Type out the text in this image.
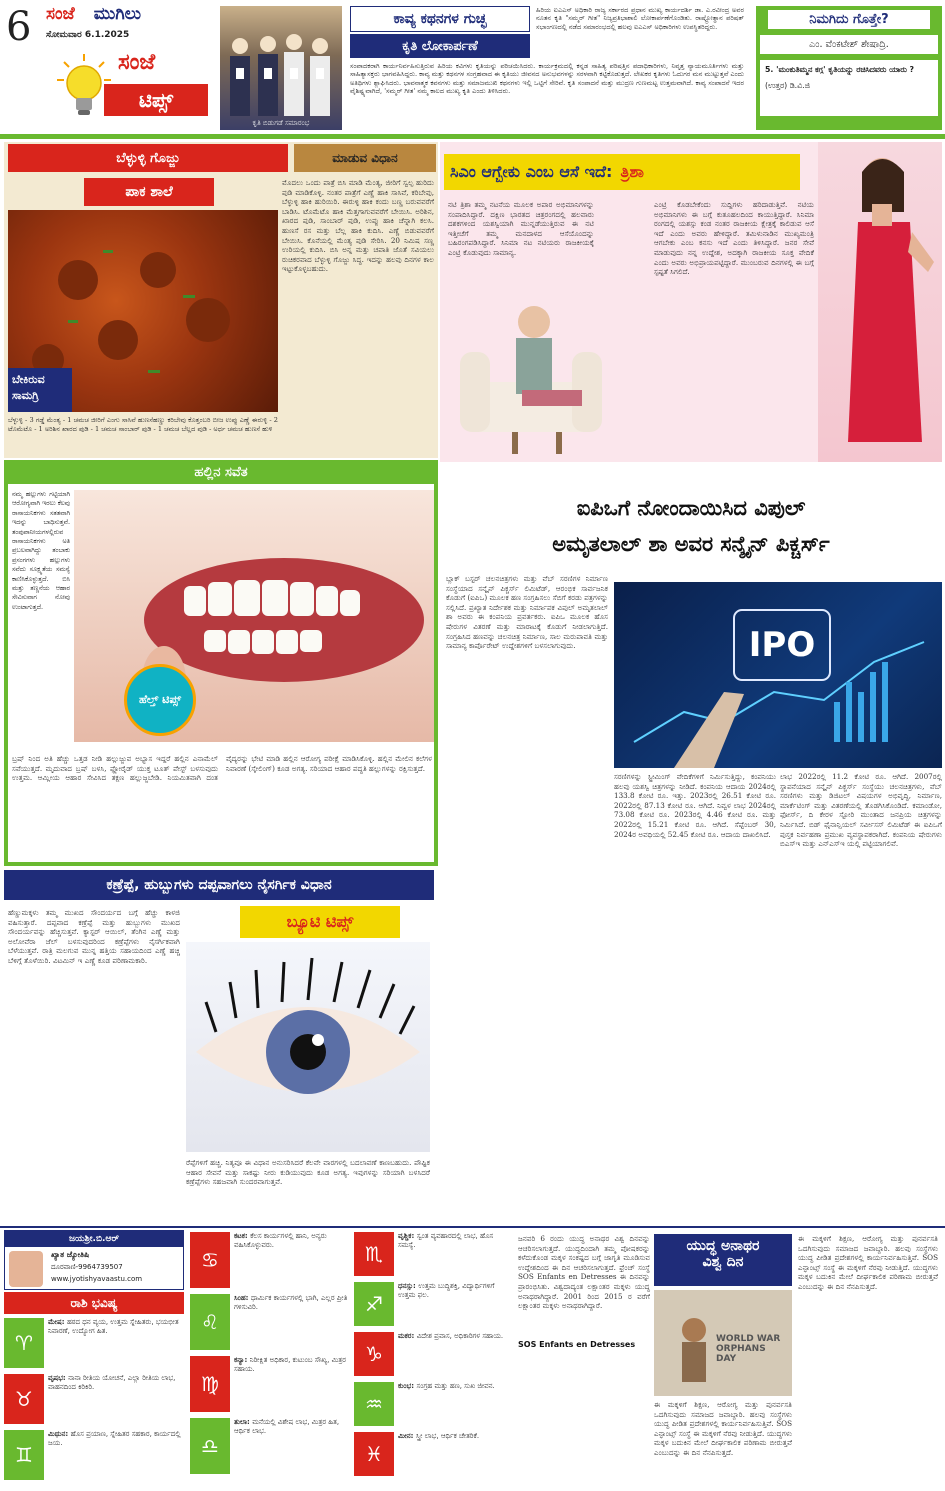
6 ಸಂಜೆ ಮುಗಿಲು
ಸೋಮವಾರ 6.1.2025
ಸಂಜೆ
ಟಿಪ್ಸ್
ಕೃತಿ ಬಿಡುಗಡೆ ಸಮಾರಂಭ
ಕಾವ್ಯ ಕಥನಗಳ ಗುಚ್ಛ
ಕೃತಿ ಲೋಕಾರ್ಪಣೆ
ಹಿರಿಯ ಐಎಎಸ್ ಅಧಿಕಾರಿ ರಾಜ್ಯ ಸರ್ಕಾರದ ಪ್ರಧಾನ ಮುಖ್ಯ ಕಾರ್ಯದರ್ಶಿ ಡಾ. ಎ.ರವೀಂದ್ರ ಅವರ ನೂತನ ಕೃತಿ "ಸಮ್ಮರ್ ಗೀತ" ನಿಜ್ಯಪ್ರತಿಭಾಶಾಲಿ ಲೋಕಾರ್ಪಣೆಗೊಂಡಿತು. ರಾಷ್ಟ್ರೋತ್ಥಾನ ಪರಿಷತ್ ಸಭಾಂಗಣದಲ್ಲಿ ನಡೆದ ಸಮಾರಂಭದಲ್ಲಿ ಹಲವು ಐಎಎಸ್ ಅಧಿಕಾರಿಗಳು ಉಪಸ್ಥಿತರಿದ್ದರು.
ಸಂಪಾದಕರಾಗಿ ಕಾರ್ಯನಿರ್ವಹಿಸುತ್ತಿರುವ ಹಿರಿಯ ಕವಿಗಳು ಕೃತಿಯನ್ನು ಪರಿಚಯಿಸಿದರು. ಕಾರ್ಯಕ್ರಮದಲ್ಲಿ ಕನ್ನಡ ಸಾಹಿತ್ಯ ಪರಿಷತ್ತಿನ ಪದಾಧಿಕಾರಿಗಳು, ನಿವೃತ್ತ ನ್ಯಾಯಮೂರ್ತಿಗಳು ಮತ್ತು ಸಾಹಿತ್ಯಾಸಕ್ತರು ಭಾಗವಹಿಸಿದ್ದರು. ಕಾವ್ಯ ಮತ್ತು ಕಥನಗಳ ಸಂಗ್ರಹವಾದ ಈ ಕೃತಿಯು ಜೀವನದ ಅನುಭವಗಳನ್ನು ಸರಳವಾಗಿ ಕಟ್ಟಿಕೊಡುತ್ತದೆ. ಲೇಖಕರ ಕೃತಿಗಳು ಓದುಗರ ಮನ ಮುಟ್ಟುತ್ತವೆ ಎಂದು ಅತಿಥಿಗಳು ಶ್ಲಾಘಿಸಿದರು. ಭಾವನಾತ್ಮಕ ಕವನಗಳು ಮತ್ತು ಸಮಾಜಮುಖಿ ಕಥನಗಳು ಇಲ್ಲಿ ಒಟ್ಟಿಗೆ ಸೇರಿವೆ. ಕೃತಿ ಸಂಪಾದನೆ ಮತ್ತು ಮುದ್ರಣ ಗುಣಮಟ್ಟ ಉತ್ತಮವಾಗಿದೆ. ಕಾವ್ಯ ಸಂಪಾದನೆ ಇದರ ವೈಶಿಷ್ಟ್ಯವಾಗಿದೆ, 'ಸಮ್ಮರ್ ಗೀತ' ನಮ್ಮ ಕಾಲದ ಮುಖ್ಯ ಕೃತಿ ಎಂದು ತಿಳಿಸಿದರು.
ನಿಮಗಿದು ಗೊತ್ತೇ?
ಎಂ. ವೆಂಕಟೇಶ್ ಶೇಷಾದ್ರಿ.
5. 'ಮಂಕುತಿಮ್ಮನ ಕಗ್ಗ' ಕೃತಿಯನ್ನು ರಚಿಸಿದವರು ಯಾರು ?
(ಉತ್ತರ) ಡಿ.ವಿ.ಜಿ
ಬೆಳ್ಳುಳ್ಳಿ ಗೊಜ್ಜು	ಮಾಡುವ ವಿಧಾನ
ಪಾಕ ಶಾಲೆ
ಬೇಕಿರುವ ಸಾಮಗ್ರಿ
ಬೆಳ್ಳುಳ್ಳಿ - 3 ಗಡ್ಡೆ ಮೆಂತ್ಯ - 1 ಚಮಚ ಜೀರಿಗೆ ಎಂಗು ಸಾಸಿವೆ ಹುಣಸೆಹಣ್ಣು ಕರಿಬೇವು ಕೊತ್ತಂಬರಿ ಬೀಜ ಉಪ್ಪು ಎಣ್ಣೆ ಈರುಳ್ಳಿ - 2 ಟೊಮೆಟೊ - 1 ಅರಿಶಿನ ಖಾರದ ಪುಡಿ - 1 ಚಮಚ ಸಾಂಬಾರ್ ಪುಡಿ - 1 ಚಮಚ ಬೆಲ್ಲದ ಪುಡಿ - ಅರ್ಧ ಚಮಚ ಹುಣಸೆ ಹುಳಿ
ಮೊದಲು ಒಂದು ಪಾತ್ರೆ ಬಿಸಿ ಮಾಡಿ ಮೆಂತ್ಯ, ಜೀರಿಗೆ ಸ್ವಲ್ಪ ಹುರಿದು ಪುಡಿ ಮಾಡಿಕೊಳ್ಳಿ. ನಂತರ ಪಾತ್ರೆಗೆ ಎಣ್ಣೆ ಹಾಕಿ ಸಾಸಿವೆ, ಕರಿಬೇವು, ಬೆಳ್ಳುಳ್ಳಿ ಹಾಕಿ ಹುರಿಯಿರಿ. ಈರುಳ್ಳಿ ಹಾಕಿ ಕಂದು ಬಣ್ಣ ಬರುವವರೆಗೆ ಬಾಡಿಸಿ. ಟೊಮೆಟೊ ಹಾಕಿ ಮೆತ್ತಗಾಗುವವರೆಗೆ ಬೇಯಿಸಿ. ಅರಿಶಿನ, ಖಾರದ ಪುಡಿ, ಸಾಂಬಾರ್ ಪುಡಿ, ಉಪ್ಪು ಹಾಕಿ ಚೆನ್ನಾಗಿ ಕಲಸಿ. ಹುಣಸೆ ರಸ ಮತ್ತು ಬೆಲ್ಲ ಹಾಕಿ ಕುದಿಸಿ. ಎಣ್ಣೆ ಬಿಡುವವರೆಗೆ ಬೇಯಿಸಿ. ಕೊನೆಯಲ್ಲಿ ಮೆಂತ್ಯ ಪುಡಿ ಸೇರಿಸಿ. 20 ನಿಮಿಷ ಸಣ್ಣ ಉರಿಯಲ್ಲಿ ಕುದಿಸಿ. ಬಿಸಿ ಅನ್ನ ಮತ್ತು ಚಪಾತಿ ಜೊತೆ ಸವಿಯಲು ರುಚಿಕರವಾದ ಬೆಳ್ಳುಳ್ಳಿ ಗೊಜ್ಜು ಸಿದ್ಧ. ಇದನ್ನು ಹಲವು ದಿನಗಳ ಕಾಲ ಇಟ್ಟುಕೊಳ್ಳಬಹುದು.
ಸಿಎಂ ಆಗ್ಬೇಕು ಎಂಬ ಆಸೆ ಇದೆ: ತ್ರಿಶಾ
ನಟಿ ತ್ರಿಶಾ ತಮ್ಮ ನಟನೆಯ ಮೂಲಕ ಅಪಾರ ಅಭಿಮಾನಿಗಳನ್ನು ಸಂಪಾದಿಸಿದ್ದಾರೆ. ದಕ್ಷಿಣ ಭಾರತದ ಚಿತ್ರರಂಗದಲ್ಲಿ ಹಲವಾರು ದಶಕಗಳಿಂದ ಯಶಸ್ವಿಯಾಗಿ ಮುನ್ನಡೆಯುತ್ತಿರುವ ಈ ನಟಿ ಇತ್ತೀಚೆಗೆ ತಮ್ಮ ಮನದಾಳದ ಆಸೆಯೊಂದನ್ನು ಬಹಿರಂಗಪಡಿಸಿದ್ದಾರೆ. ಸಿನಿಮಾ ನಟ ನಟಿಯರು ರಾಜಕೀಯಕ್ಕೆ ಎಂಟ್ರಿ ಕೊಡುವುದು ಸಾಮಾನ್ಯ.
ಎಂಟ್ರಿ ಕೊಡಬೇಕೆಂದು ಸುದ್ದಿಗಳು ಹರಿದಾಡುತ್ತಿವೆ. ನಟಿಯ ಅಭಿಮಾನಿಗಳು ಈ ಬಗ್ಗೆ ಕುತೂಹಲದಿಂದ ಕಾಯುತ್ತಿದ್ದಾರೆ. ಸಿನಿಮಾ ರಂಗದಲ್ಲಿ ಯಶಸ್ಸು ಕಂಡ ನಂತರ ರಾಜಕೀಯ ಕ್ಷೇತ್ರಕ್ಕೆ ಕಾಲಿಡುವ ಆಸೆ ಇದೆ ಎಂದು ಅವರು ಹೇಳಿದ್ದಾರೆ. ತಮಿಳುನಾಡಿನ ಮುಖ್ಯಮಂತ್ರಿ ಆಗಬೇಕು ಎಂಬ ಕನಸು ಇದೆ ಎಂದು ತಿಳಿಸಿದ್ದಾರೆ. ಜನರ ಸೇವೆ ಮಾಡುವುದು ನನ್ನ ಉದ್ದೇಶ, ಅದಕ್ಕಾಗಿ ರಾಜಕೀಯ ಸೂಕ್ತ ವೇದಿಕೆ ಎಂದು ಅವರು ಅಭಿಪ್ರಾಯಪಟ್ಟಿದ್ದಾರೆ. ಮುಂಬರುವ ದಿನಗಳಲ್ಲಿ ಈ ಬಗ್ಗೆ ಸ್ಪಷ್ಟತೆ ಸಿಗಲಿದೆ.
ಹಲ್ಲಿನ ಸವೆತ
ನಮ್ಮ ಹಲ್ಲುಗಳು ಗಟ್ಟಿಯಾಗಿ ಆರೋಗ್ಯವಾಗಿ ಇರಲು ಕೆಲವು ರಾಸಾಯನಿಕಗಳು ಸತತವಾಗಿ ಇದನ್ನು ಬಾಧಿಸುತ್ತವೆ. ತಂಪುಪಾನೀಯಗಳಲ್ಲಿರುವ ರಾಸಾಯನಿಕಗಳು ಅತಿ ಪ್ರಬಲವಾಗಿದ್ದು ತಂಬಾಕು ಪ್ರಸಂಗಗಳು ಹಲ್ಲುಗಳು ಸವೆದು ಸೂಕ್ಷ್ಮತೆಯ ಸಮಸ್ಯೆ ಕಾಣಿಸಿಕೊಳ್ಳುತ್ತದೆ. ಬಿಸಿ ಮತ್ತು ತಣ್ಣನೆಯ ಆಹಾರ ಸೇವಿಸುವಾಗ ನೋವು ಉಂಟಾಗುತ್ತದೆ.
ಹೆಲ್ತ್ ಟಿಪ್ಸ್
ಬ್ರಷ್ ನಿಂದ ಅತಿ ಹೆಚ್ಚು ಒತ್ತಡ ನೀಡಿ ಹಲ್ಲುಜ್ಜುವ ಅಭ್ಯಾಸ ಇದ್ದರೆ ಹಲ್ಲಿನ ಎನಾಮೆಲ್ ಸವೆಯುತ್ತದೆ. ಮೃದುವಾದ ಬ್ರಷ್ ಬಳಸಿ, ಫ್ಲೋರೈಡ್ ಯುಕ್ತ ಟೂತ್ ಪೇಸ್ಟ್ ಬಳಸುವುದು ಉತ್ತಮ. ಆಮ್ಲೀಯ ಆಹಾರ ಸೇವಿಸಿದ ತಕ್ಷಣ ಹಲ್ಲುಜ್ಜಬೇಡಿ. ನಿಯಮಿತವಾಗಿ ದಂತ ವೈದ್ಯರನ್ನು ಭೇಟಿ ಮಾಡಿ ಹಲ್ಲಿನ ಆರೋಗ್ಯ ಪರೀಕ್ಷೆ ಮಾಡಿಸಿಕೊಳ್ಳಿ. ಹಲ್ಲಿನ ಮೇಲಿನ ಕಲೆಗಳ ನಿವಾರಣೆ (ಸ್ಕೇಲಿಂಗ್) ಕೂಡ ಅಗತ್ಯ. ಸರಿಯಾದ ಆಹಾರ ಪದ್ಧತಿ ಹಲ್ಲುಗಳನ್ನು ರಕ್ಷಿಸುತ್ತದೆ.
ಐಪಿಒಗೆ ನೋಂದಾಯಿಸಿದ ವಿಪುಲ್
ಅಮೃತಲಾಲ್ ಶಾ ಅವರ ಸನ್ಶೈನ್ ಪಿಕ್ಚರ್ಸ್
ಬ್ಲಾಕ್ ಬಸ್ಟರ್ ಚಲನಚಿತ್ರಗಳು ಮತ್ತು ವೆಬ್ ಸರಣಿಗಳ ನಿರ್ಮಾಣ ಸಂಸ್ಥೆಯಾದ ಸನ್ಶೈನ್ ಪಿಕ್ಚರ್ಸ್ ಲಿಮಿಟೆಡ್, ಆರಂಭಿಕ ಸಾರ್ವಜನಿಕ ಕೊಡುಗೆ (ಐಪಿಒ) ಮೂಲಕ ಹಣ ಸಂಗ್ರಹಿಸಲು ಸೆಬಿಗೆ ಕರಡು ಪತ್ರಗಳನ್ನು ಸಲ್ಲಿಸಿದೆ. ಪ್ರಖ್ಯಾತ ನಿರ್ದೇಶಕ ಮತ್ತು ನಿರ್ಮಾಪಕ ವಿಪುಲ್ ಅಮೃತಲಾಲ್ ಶಾ ಅವರು ಈ ಕಂಪನಿಯ ಪ್ರವರ್ತಕರು. ಐಪಿಒ ಮೂಲಕ ಹೊಸ ಷೇರುಗಳ ವಿತರಣೆ ಮತ್ತು ಮಾರಾಟಕ್ಕೆ ಕೊಡುಗೆ ನೀಡಲಾಗುತ್ತಿದೆ. ಸಂಗ್ರಹಿಸಿದ ಹಣವನ್ನು ಚಲನಚಿತ್ರ ನಿರ್ಮಾಣ, ಸಾಲ ಮರುಪಾವತಿ ಮತ್ತು ಸಾಮಾನ್ಯ ಕಾರ್ಪೊರೇಟ್ ಉದ್ದೇಶಗಳಿಗೆ ಬಳಸಲಾಗುವುದು.	IPO
ಸರಣಿಗಳನ್ನು ಸ್ಟ್ರೀಮಿಂಗ್ ವೇದಿಕೆಗಳಿಗೆ ನಿರ್ಮಿಸುತ್ತಿದ್ದು, ಕಂಪನಿಯು ಹಲವು ಯಶಸ್ವಿ ಚಿತ್ರಗಳನ್ನು ನೀಡಿದೆ. ಕಂಪನಿಯ ಆದಾಯ 2024ರಲ್ಲಿ 133.8 ಕೋಟಿ ರೂ. ಇತ್ತು. 2023ರಲ್ಲಿ 26.51 ಕೋಟಿ ರೂ. 2022ರಲ್ಲಿ 87.13 ಕೋಟಿ ರೂ. ಆಗಿದೆ. ನಿವ್ವಳ ಲಾಭ 2024ರಲ್ಲಿ 73.08 ಕೋಟಿ ರೂ. 2023ರಲ್ಲಿ 4.46 ಕೋಟಿ ರೂ. ಮತ್ತು 2022ರಲ್ಲಿ 15.21 ಕೋಟಿ ರೂ. ಆಗಿದೆ. ಸೆಪ್ಟೆಂಬರ್ 30, 2024ರ ಅವಧಿಯಲ್ಲಿ 52.45 ಕೋಟಿ ರೂ. ಆದಾಯ ದಾಖಲಿಸಿದೆ.
ಲಾಭ 2022ರಲ್ಲಿ 11.2 ಕೋಟಿ ರೂ. ಆಗಿದೆ. 2007ರಲ್ಲಿ ಸ್ಥಾಪನೆಯಾದ ಸನ್ಶೈನ್ ಪಿಕ್ಚರ್ಸ್ ಸಂಸ್ಥೆಯು ಚಲನಚಿತ್ರಗಳು, ವೆಬ್ ಸರಣಿಗಳು ಮತ್ತು ಡಿಜಿಟಲ್ ವಿಷಯಗಳ ಅಭಿವೃದ್ಧಿ, ನಿರ್ಮಾಣ, ಮಾರ್ಕೆಟಿಂಗ್ ಮತ್ತು ವಿತರಣೆಯಲ್ಲಿ ತೊಡಗಿಸಿಕೊಂಡಿದೆ. ಕಮಾಂಡೋ, ಫೋರ್ಸ್, ದಿ ಕೇರಳ ಸ್ಟೋರಿ ಮುಂತಾದ ಜನಪ್ರಿಯ ಚಿತ್ರಗಳನ್ನು ನಿರ್ಮಿಸಿದೆ. ಬಿಡ್ ಫೈನಾನ್ಷಿಯಲ್ ಸರ್ವೀಸಸ್ ಲಿಮಿಟೆಡ್ ಈ ಐಪಿಒಗೆ ಪುಸ್ತಕ ನಿರ್ವಹಣಾ ಪ್ರಮುಖ ವ್ಯವಸ್ಥಾಪಕರಾಗಿದೆ. ಕಂಪನಿಯ ಷೇರುಗಳು ಬಿಎಸ್ಇ ಮತ್ತು ಎನ್ಎಸ್ಇ ಯಲ್ಲಿ ಪಟ್ಟಿಯಾಗಲಿವೆ.
ಕಣ್ರೆಪ್ಪೆ, ಹುಬ್ಬುಗಳು ದಪ್ಪವಾಗಲು ನೈಸರ್ಗಿಕ ವಿಧಾನ
ಹೆಣ್ಣುಮಕ್ಕಳು ತಮ್ಮ ಮುಖದ ಸೌಂದರ್ಯದ ಬಗ್ಗೆ ಹೆಚ್ಚು ಕಾಳಜಿ ವಹಿಸುತ್ತಾರೆ. ದಪ್ಪವಾದ ಕಣ್ರೆಪ್ಪೆ ಮತ್ತು ಹುಬ್ಬುಗಳು ಮುಖದ ಸೌಂದರ್ಯವನ್ನು ಹೆಚ್ಚಿಸುತ್ತವೆ. ಕ್ಯಾಸ್ಟರ್ ಆಯಿಲ್, ತೆಂಗಿನ ಎಣ್ಣೆ ಮತ್ತು ಅಲೋವೆರಾ ಜೆಲ್ ಬಳಸುವುದರಿಂದ ಕಣ್ರೆಪ್ಪೆಗಳು ನೈಸರ್ಗಿಕವಾಗಿ ಬೆಳೆಯುತ್ತವೆ. ರಾತ್ರಿ ಮಲಗುವ ಮುನ್ನ ಹತ್ತಿಯ ಸಹಾಯದಿಂದ ಎಣ್ಣೆ ಹಚ್ಚಿ ಬೆಳಿಗ್ಗೆ ತೊಳೆಯಿರಿ. ವಿಟಮಿನ್ ಇ ಎಣ್ಣೆ ಕೂಡ ಪರಿಣಾಮಕಾರಿ.
ಬ್ಯೂಟಿ ಟಿಪ್ಸ್
ರೆಪ್ಪೆಗಳಿಗೆ ಹಚ್ಚಿ. ನಿತ್ಯವೂ ಈ ವಿಧಾನ ಅನುಸರಿಸಿದರೆ ಕೆಲವೇ ವಾರಗಳಲ್ಲಿ ಬದಲಾವಣೆ ಕಾಣಬಹುದು. ಪೌಷ್ಟಿಕ ಆಹಾರ ಸೇವನೆ ಮತ್ತು ಸಾಕಷ್ಟು ನೀರು ಕುಡಿಯುವುದು ಕೂಡ ಅಗತ್ಯ. ಇವುಗಳನ್ನು ಸರಿಯಾಗಿ ಬಳಸಿದರೆ ಕಣ್ರೆಪ್ಪೆಗಳು ಸಹಜವಾಗಿ ಸುಂದರವಾಗುತ್ತವೆ.
ಜಯಶ್ರೀ.ಬಿ.ಆರ್
ಖ್ಯಾತ ಜ್ಯೋತಿಷಿ
ದೂರವಾಣಿ-9964739507
www.jyotishyavaastu.com
ರಾಶಿ ಭವಿಷ್ಯ
♈
ಮೇಷ: ಹಠದ ಧನ ವ್ಯಯ, ಉತ್ತಮ ಸ್ನೇಹಿತರು, ಭಯಭೀತ ನಿವಾರಣೆ, ಉದ್ಯೋಗ ಹಿತ.
♉
ವೃಷಭ: ನಾನಾ ರೀತಿಯ ಯೋಚನೆ, ಎಲ್ಲಾ ರೀತಿಯ ಲಾಭ, ವಾಹನದಿಂದ ಕಿರಿಕಿರಿ.
♊
ಮಿಥುನ: ಹೊಸ ಪ್ರಯಾಣ, ಸ್ನೇಹಿತರ ಸಹಕಾರ, ಕಾರ್ಯದಲ್ಲಿ ಜಯ.
♋
ಕಟಕ: ಕೆಲಸ ಕಾರ್ಯಗಳಲ್ಲಿ ಹಾನಿ, ಅನ್ಯರು ವಹಿಸಿಕೊಳ್ಳುವರು.
♌
ಸಿಂಹ: ಧಾರ್ಮಿಕ ಕಾರ್ಯಗಳಲ್ಲಿ ಭಾಗಿ, ಎಲ್ಲರ ಪ್ರೀತಿ ಗಳಿಸುವಿರಿ.
♍
ಕನ್ಯಾ: ನಿರೀಕ್ಷಿತ ಅಧಿಕಾರ, ಕುಟುಂಬ ಸೌಖ್ಯ, ಮಿತ್ರರ ಸಹಾಯ.
♎
ತುಲಾ: ಮನೆಯಲ್ಲಿ ವಿಶೇಷ ಲಾಭ, ಮಿತ್ರರ ಹಿತ, ಆರ್ಥಿಕ ಲಾಭ.
♏
ವೃಶ್ಚಿಕ: ಸ್ವಂತ ವ್ಯವಹಾರದಲ್ಲಿ ಲಾಭ, ಹೊಸ ಸಮಸ್ಯೆ.
♐
ಧನಸ್ಸು: ಉತ್ತಮ ಬುದ್ಧಿಶಕ್ತಿ, ವಿದ್ಯಾರ್ಥಿಗಳಿಗೆ ಉತ್ತಮ ಫಲ.
♑
ಮಕರ: ವಿದೇಶ ಪ್ರವಾಸ, ಅಧಿಕಾರಿಗಳ ಸಹಾಯ.
♒
ಕುಂಭ: ಸಂಗ್ರಹ ಮತ್ತು ಹಣ, ಸುಖ ಜೀವನ.
♓
ಮೀನ: ಸ್ತ್ರೀ ಲಾಭ, ಆರ್ಥಿಕ ಚೇತರಿಕೆ.
ಯುದ್ಧ ಅನಾಥರ
ವಿಶ್ವ ದಿನ
WORLD WAR
ORPHANS DAY
ಜನವರಿ 6 ರಂದು ಯುದ್ಧ ಅನಾಥರ ವಿಶ್ವ ದಿನವನ್ನು ಆಚರಿಸಲಾಗುತ್ತದೆ. ಯುದ್ಧದಿಂದಾಗಿ ತಮ್ಮ ಪೋಷಕರನ್ನು ಕಳೆದುಕೊಂಡ ಮಕ್ಕಳ ಸಂಕಷ್ಟದ ಬಗ್ಗೆ ಜಾಗೃತಿ ಮೂಡಿಸುವ ಉದ್ದೇಶದಿಂದ ಈ ದಿನ ಆಚರಿಸಲಾಗುತ್ತದೆ. ಫ್ರೆಂಚ್ ಸಂಸ್ಥೆ SOS Enfants en Detresses ಈ ದಿನವನ್ನು ಪ್ರಾರಂಭಿಸಿತು. ವಿಶ್ವದಾದ್ಯಂತ ಲಕ್ಷಾಂತರ ಮಕ್ಕಳು ಯುದ್ಧ ಅನಾಥರಾಗಿದ್ದಾರೆ. 2001 ರಿಂದ 2015 ರ ವರೆಗೆ ಲಕ್ಷಾಂತರ ಮಕ್ಕಳು ಅನಾಥರಾಗಿದ್ದಾರೆ.
SOS Enfants en Detresses
ಈ ಮಕ್ಕಳಿಗೆ ಶಿಕ್ಷಣ, ಆರೋಗ್ಯ ಮತ್ತು ಪುನರ್ವಸತಿ ಒದಗಿಸುವುದು ಸಮಾಜದ ಜವಾಬ್ದಾರಿ. ಹಲವು ಸಂಸ್ಥೆಗಳು ಯುದ್ಧ ಪೀಡಿತ ಪ್ರದೇಶಗಳಲ್ಲಿ ಕಾರ್ಯನಿರ್ವಹಿಸುತ್ತಿವೆ. SOS ಎನ್ಫಾಂಟ್ಸ್ ಸಂಸ್ಥೆ ಈ ಮಕ್ಕಳಿಗೆ ನೆರವು ನೀಡುತ್ತಿದೆ. ಯುದ್ಧಗಳು ಮಕ್ಕಳ ಬದುಕಿನ ಮೇಲೆ ದೀರ್ಘಕಾಲಿಕ ಪರಿಣಾಮ ಬೀರುತ್ತವೆ ಎಂಬುದನ್ನು ಈ ದಿನ ನೆನಪಿಸುತ್ತದೆ.
ಈ ಮಕ್ಕಳಿಗೆ ಶಿಕ್ಷಣ, ಆರೋಗ್ಯ ಮತ್ತು ಪುನರ್ವಸತಿ ಒದಗಿಸುವುದು ಸಮಾಜದ ಜವಾಬ್ದಾರಿ. ಹಲವು ಸಂಸ್ಥೆಗಳು ಯುದ್ಧ ಪೀಡಿತ ಪ್ರದೇಶಗಳಲ್ಲಿ ಕಾರ್ಯನಿರ್ವಹಿಸುತ್ತಿವೆ. SOS ಎನ್ಫಾಂಟ್ಸ್ ಸಂಸ್ಥೆ ಈ ಮಕ್ಕಳಿಗೆ ನೆರವು ನೀಡುತ್ತಿದೆ. ಯುದ್ಧಗಳು ಮಕ್ಕಳ ಬದುಕಿನ ಮೇಲೆ ದೀರ್ಘಕಾಲಿಕ ಪರಿಣಾಮ ಬೀರುತ್ತವೆ ಎಂಬುದನ್ನು ಈ ದಿನ ನೆನಪಿಸುತ್ತದೆ.
